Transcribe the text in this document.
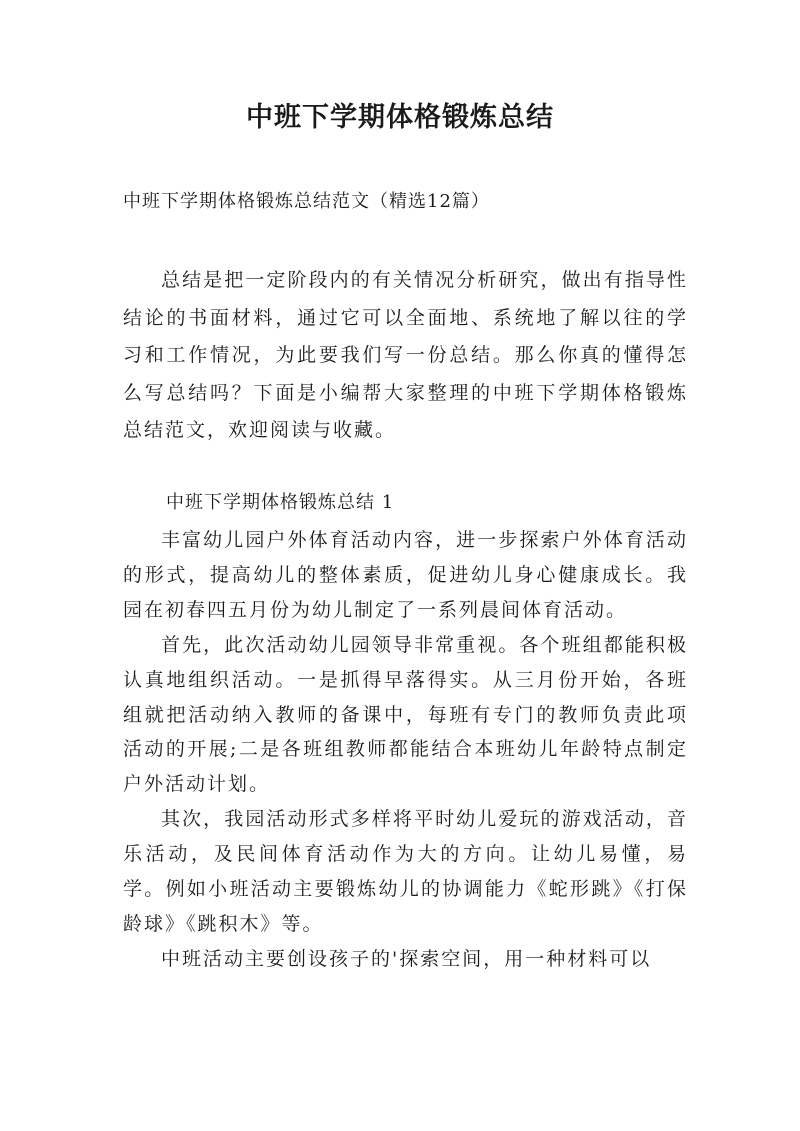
中班下学期体格锻炼总结

中班下学期体格锻炼总结范文（精选12篇）

总结是把一定阶段内的有关情况分析研究，做出有指导性结论的书面材料，通过它可以全面地、系统地了解以往的学习和工作情况，为此要我们写一份总结。那么你真的懂得怎么写总结吗？下面是小编帮大家整理的中班下学期体格锻炼总结范文，欢迎阅读与收藏。

中班下学期体格锻炼总结 1

丰富幼儿园户外体育活动内容，进一步探索户外体育活动的形式，提高幼儿的整体素质，促进幼儿身心健康成长。我园在初春四五月份为幼儿制定了一系列晨间体育活动。

首先，此次活动幼儿园领导非常重视。各个班组都能积极认真地组织活动。一是抓得早落得实。从三月份开始，各班组就把活动纳入教师的备课中，每班有专门的教师负责此项活动的开展;二是各班组教师都能结合本班幼儿年龄特点制定户外活动计划。

其次，我园活动形式多样将平时幼儿爱玩的游戏活动，音乐活动，及民间体育活动作为大的方向。让幼儿易懂，易学。例如小班活动主要锻炼幼儿的协调能力《蛇形跳》《打保龄球》《跳积木》等。

中班活动主要创设孩子的'探索空间，用一种材料可以
